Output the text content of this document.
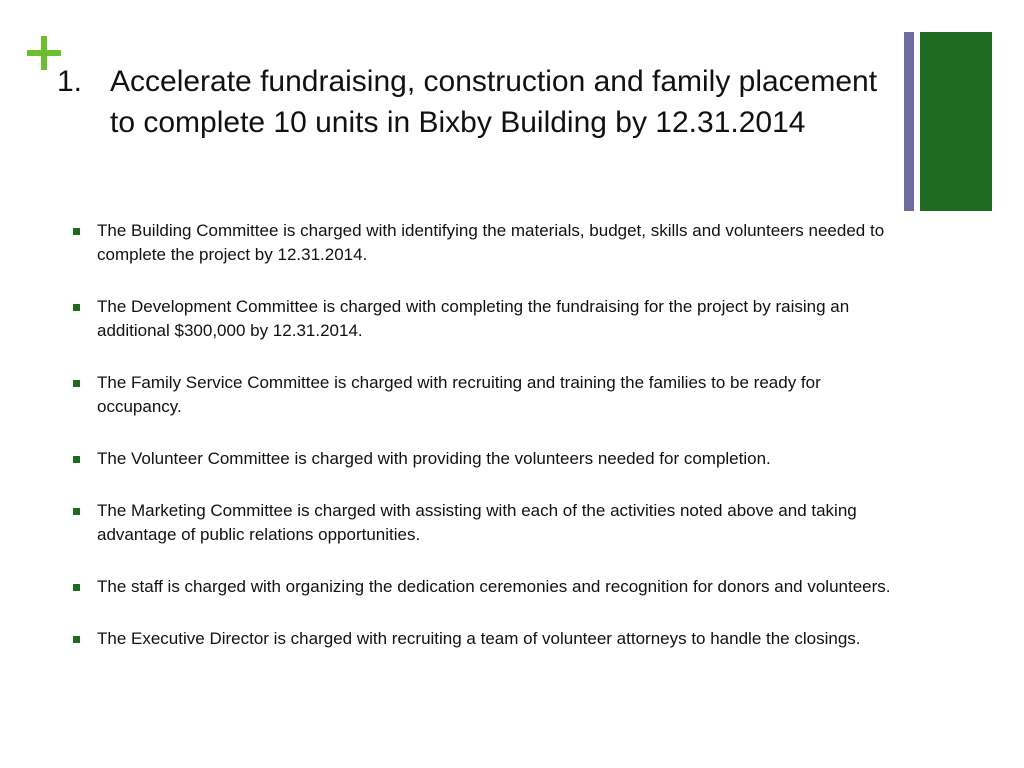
1. Accelerate fundraising, construction and family placement to complete 10 units in Bixby Building by 12.31.2014
The Building Committee is charged with identifying the materials, budget, skills and volunteers needed to complete the project by 12.31.2014.
The Development Committee is charged with completing the fundraising for the project by raising an additional $300,000 by 12.31.2014.
The Family Service Committee is charged with recruiting and training the families to be ready for occupancy.
The Volunteer Committee is charged with providing the volunteers needed for completion.
The Marketing Committee is charged with assisting with each of the activities noted above and taking advantage of public relations opportunities.
The staff is charged with organizing the dedication ceremonies and recognition for donors and volunteers.
The Executive Director is charged with recruiting a team of volunteer attorneys to handle the closings.
